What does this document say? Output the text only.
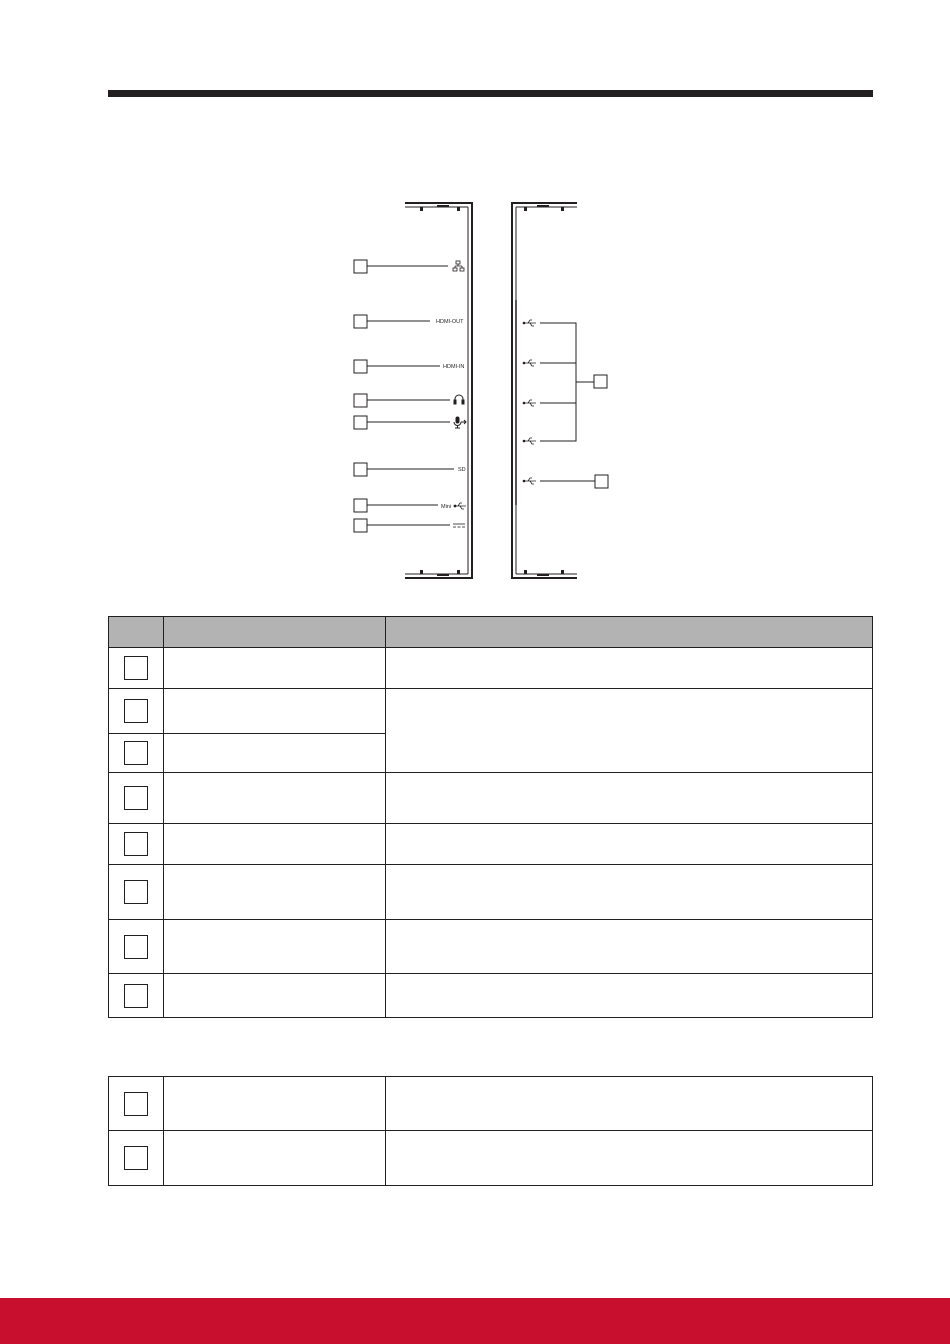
HDMI-OUT
HDMI-IN
SD
Mini
